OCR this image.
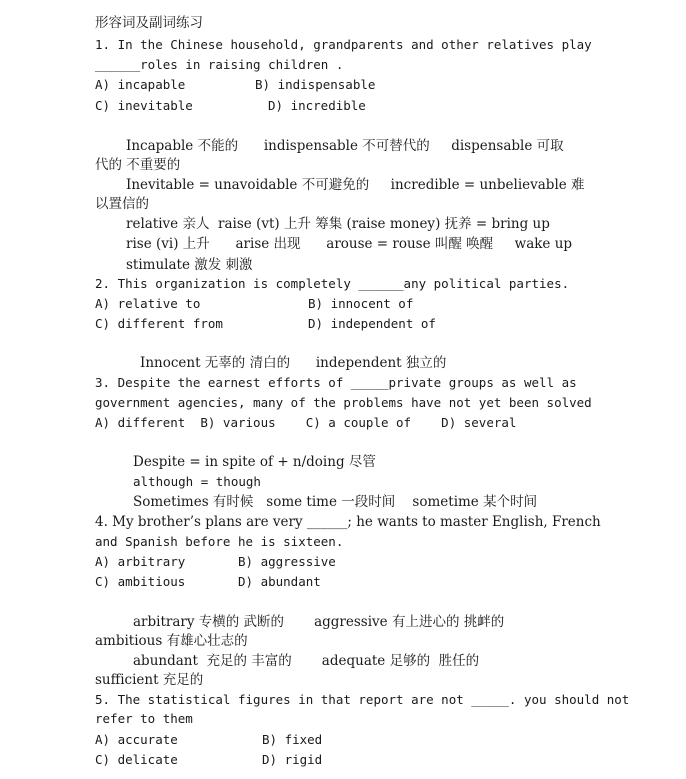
形容词及副词练习
1. In the Chinese household, grandparents and other relatives play
______roles in raising children .
A) incapable	B) indispensable
C) inevitable	D) incredible
Incapable 不能的      indispensable 不可替代的     dispensable 可取
代的 不重要的
Inevitable = unavoidable 不可避免的     incredible = unbelievable 难
以置信的
relative 亲人  raise (vt) 上升 筹集 (raise money) 抚养 = bring up
rise (vi) 上升      arise 出现      arouse = rouse 叫醒 唤醒     wake up
stimulate 激发 刺激
2. This organization is completely ______any political parties.
A) relative to	B) innocent of
C) different from	D) independent of
Innocent 无辜的 清白的      independent 独立的
3. Despite the earnest efforts of _____private groups as well as
government agencies, many of the problems have not yet been solved
A) different  B) various    C) a couple of    D) several
Despite = in spite of + n/doing 尽管
although = though
Sometimes 有时候   some time 一段时间    sometime 某个时间
4. My brother’s plans are very ______; he wants to master English, French
and Spanish before he is sixteen.
A) arbitrary	B) aggressive
C) ambitious	D) abundant
arbitrary 专横的 武断的       aggressive 有上进心的 挑衅的
ambitious 有雄心壮志的
abundant  充足的 丰富的       adequate 足够的  胜任的
sufficient 充足的
5. The statistical figures in that report are not _____. you should not
refer to them
A) accurate	B) fixed
C) delicate	D) rigid
